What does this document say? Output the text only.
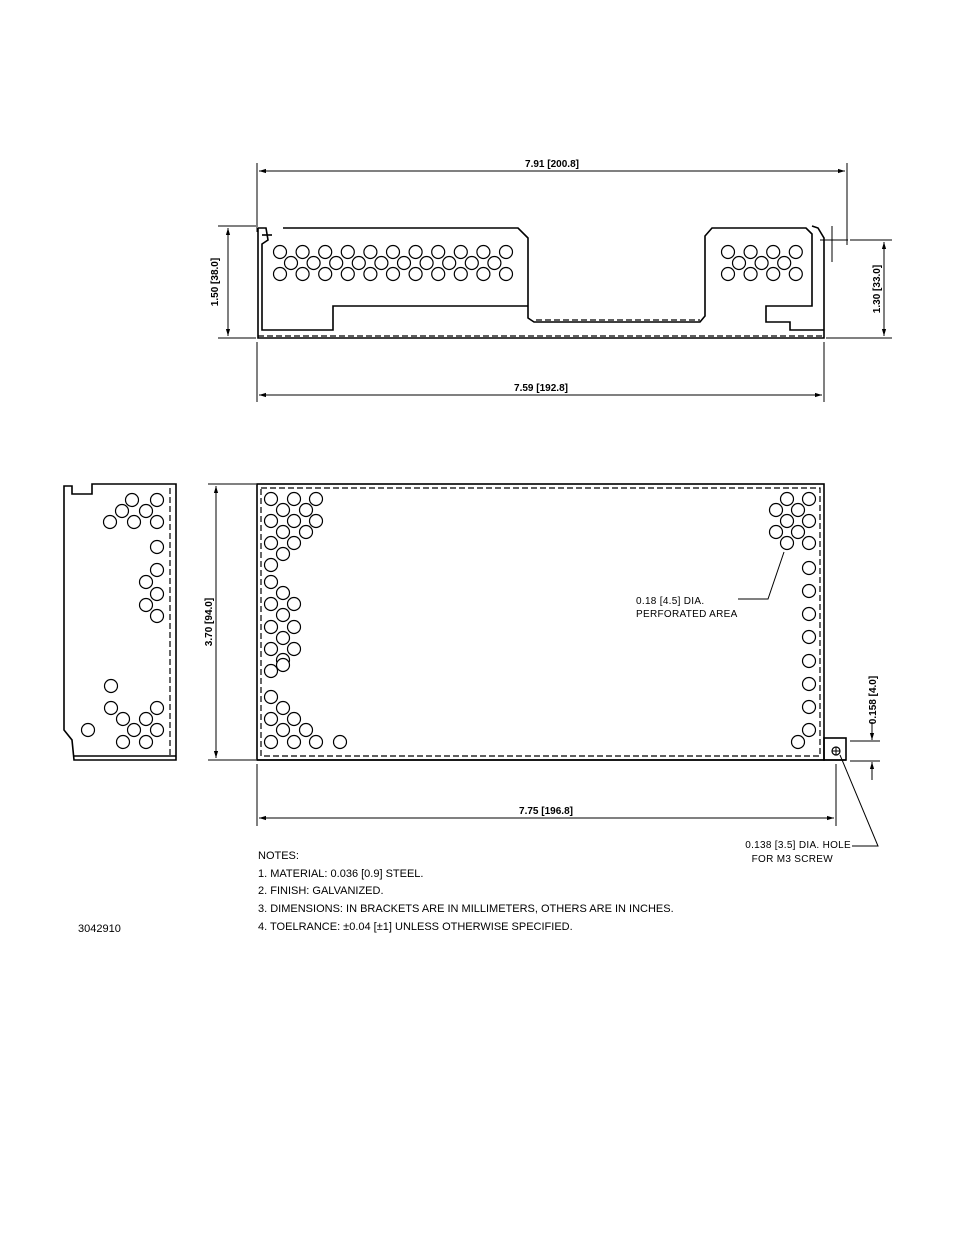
7.91 [200.8]
1.50 [38.0]	1.30 [33.0]
7.59 [192.8]
3.70 [94.0]
7.75 [196.8]
0.158 [4.0]
0.18 [4.5] DIA.
PERFORATED AREA
0.138 [3.5] DIA. HOLE
FOR M3 SCREW
NOTES:
1. MATERIAL: 0.036 [0.9] STEEL.
2. FINISH: GALVANIZED.
3. DIMENSIONS: IN BRACKETS ARE IN MILLIMETERS, OTHERS ARE IN INCHES.
4. TOELRANCE: ±0.04 [±1] UNLESS OTHERWISE SPECIFIED.
3042910
